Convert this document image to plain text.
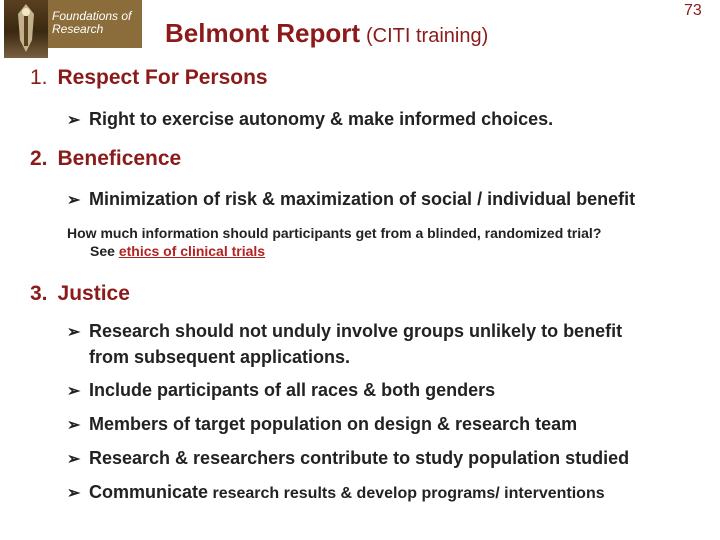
Foundations of
Research	Belmont Report (CITI training)
73
1. Respect For Persons
➢ Right to exercise autonomy & make informed choices.
2. Beneficence
➢ Minimization of risk & maximization of social / individual benefit
How much information should participants get from a blinded, randomized trial?
See ethics of clinical trials
3. Justice
➢ Research should not unduly involve groups unlikely to benefit
from subsequent applications.
➢ Include participants of all races & both genders
➢ Members of target population on design & research team
➢ Research & researchers contribute to study population studied
➢ Communicate research results & develop programs/ interventions
